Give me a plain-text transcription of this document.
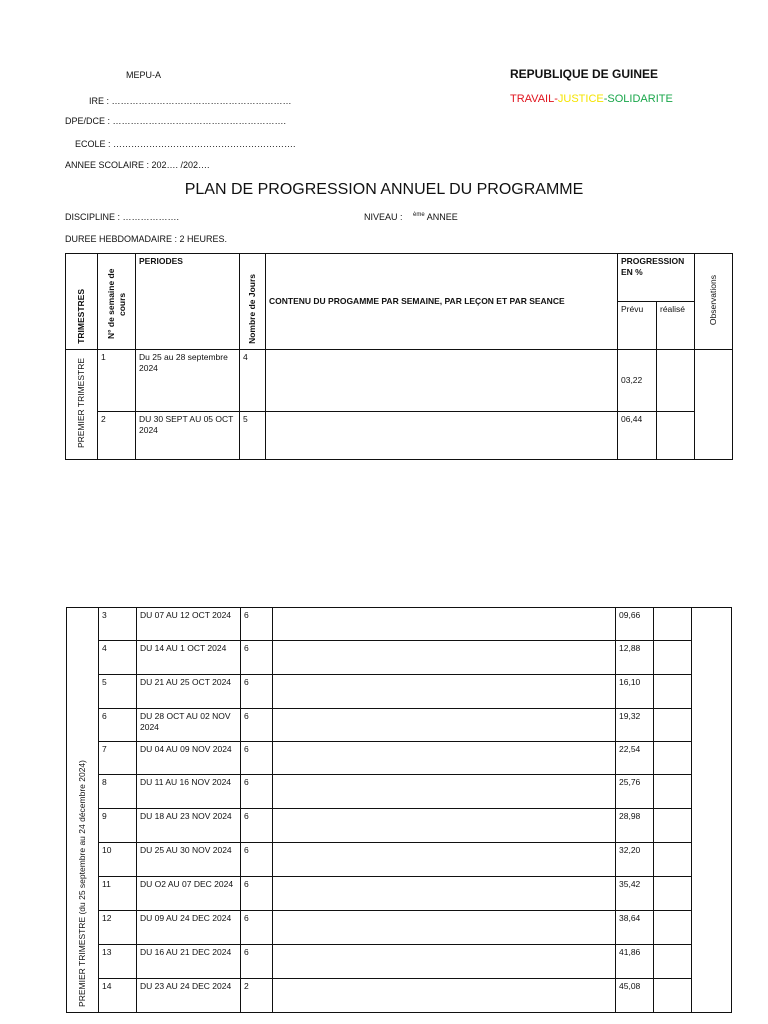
MEPU-A
IRE : ……………………………………………………
DPE/DCE : ………………………………………………….
ECOLE : …………………………………………………….
ANNEE SCOLAIRE : 202…. /202….
REPUBLIQUE DE GUINEE
TRAVAIL-JUSTICE-SOLIDARITE
PLAN DE PROGRESSION ANNUEL DU PROGRAMME
DISCIPLINE : ……………….	NIVEAU : $^{ème}$ ANNEE
DUREE HEBDOMADAIRE : 2 HEURES.
TRIMESTRES	N° de semaine de cours	PERIODES	Nombre de Jours	CONTENU DU PROGAMME PAR SEMAINE, PAR LEÇON ET PAR SEANCE	PROGRESSION EN %		Observations
					Prévu	réalisé	
PREMIER TRIMESTRE	1	Du 25 au 28 septembre 2024	4		03,22		
	2	DU 30 SEPT AU 05 OCT 2024	5		06,44		
PREMIER TRIMESTRE (du 25 septembre au 24 décembre 2024)	3	DU 07 AU 12 OCT 2024	6		09,66		
	4	DU 14 AU 1 OCT 2024	6		12,88		
	5	DU 21 AU 25 OCT 2024	6		16,10		
	6	DU 28 OCT AU 02 NOV 2024	6		19,32		
	7	DU 04 AU 09 NOV 2024	6		22,54		
	8	DU 11 AU 16 NOV 2024	6		25,76		
	9	DU 18 AU 23 NOV 2024	6		28,98		
	10	DU 25 AU 30 NOV 2024	6		32,20		
	11	DU O2 AU 07 DEC 2024	6		35,42		
	12	DU 09 AU 24 DEC 2024	6		38,64		
	13	DU 16 AU 21 DEC 2024	6		41,86		
	14	DU 23 AU 24 DEC 2024	2		45,08		
